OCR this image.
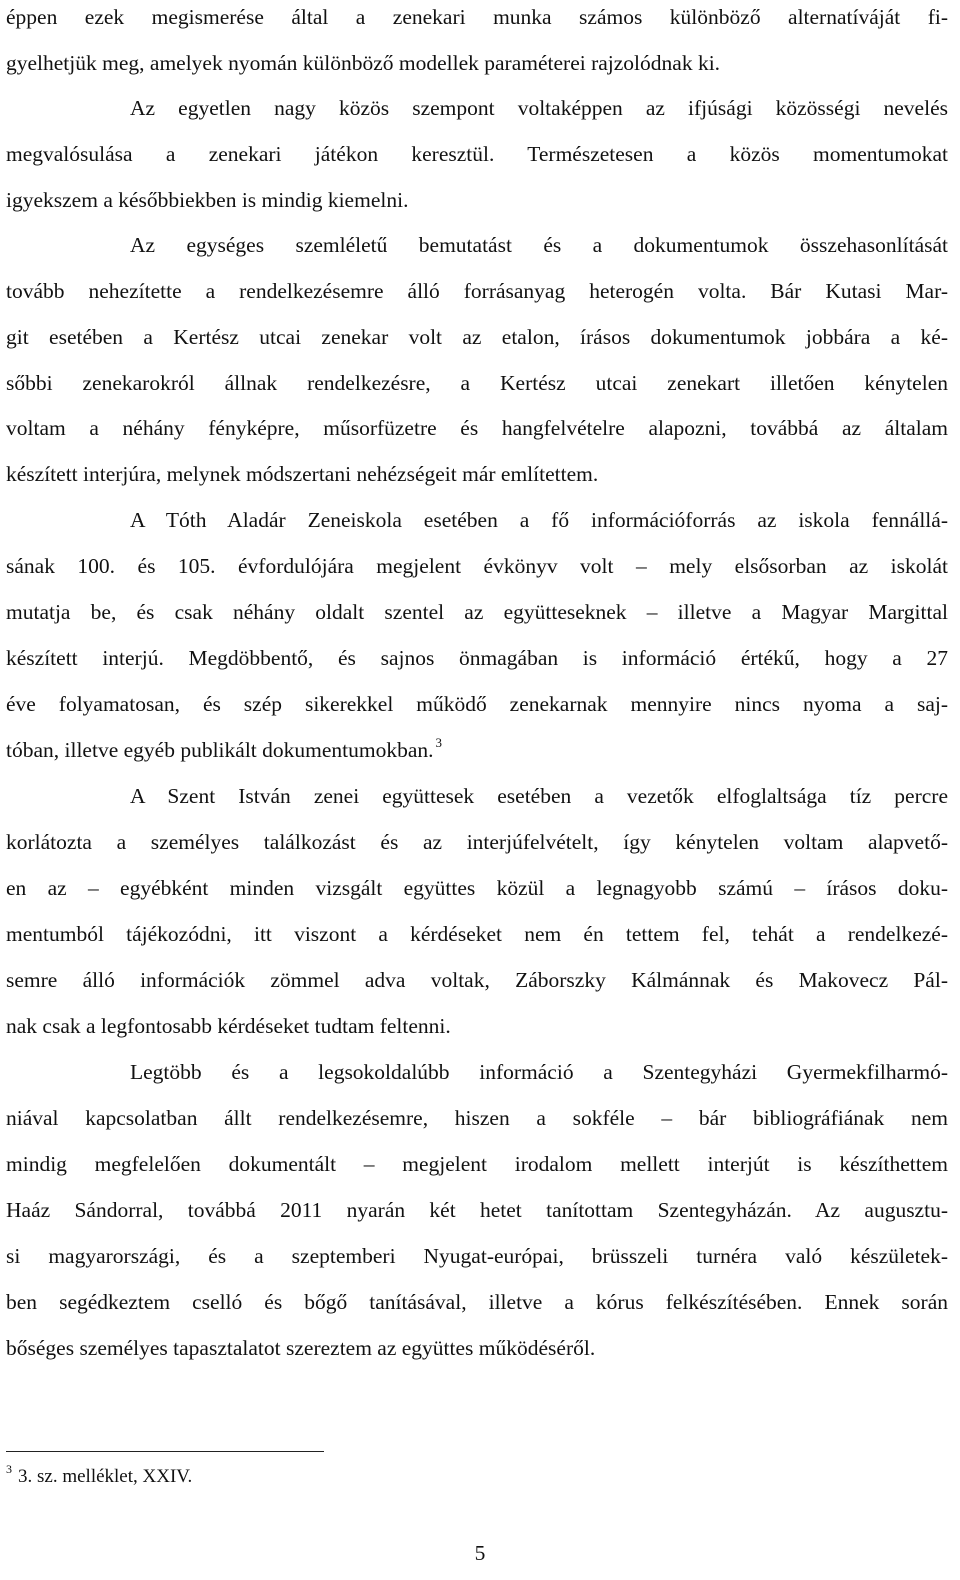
éppen ezek megismerése által a zenekari munka számos különböző alternatíváját fi-
gyelhetjük meg, amelyek nyomán különböző modellek paraméterei rajzolódnak ki.
Az egyetlen nagy közös szempont voltaképpen az ifjúsági közösségi nevelés
megvalósulása a zenekari játékon keresztül. Természetesen a közös momentumokat
igyekszem a későbbiekben is mindig kiemelni.
Az egységes szemléletű bemutatást és a dokumentumok összehasonlítását
tovább nehezítette a rendelkezésemre álló forrásanyag heterogén volta. Bár Kutasi Mar-
git esetében a Kertész utcai zenekar volt az etalon, írásos dokumentumok jobbára a ké-
sőbbi zenekarokról állnak rendelkezésre, a Kertész utcai zenekart illetően kénytelen
voltam a néhány fényképre, műsorfüzetre és hangfelvételre alapozni, továbbá az általam
készített interjúra, melynek módszertani nehézségeit már említettem.
A Tóth Aladár Zeneiskola esetében a fő információforrás az iskola fennállá-
sának 100. és 105. évfordulójára megjelent évkönyv volt – mely elsősorban az iskolát
mutatja be, és csak néhány oldalt szentel az együtteseknek – illetve a Magyar Margittal
készített interjú. Megdöbbentő, és sajnos önmagában is információ értékű, hogy a 27
éve folyamatosan, és szép sikerekkel működő zenekarnak mennyire nincs nyoma a saj-
tóban, illetve egyéb publikált dokumentumokban. $^3$
A Szent István zenei együttesek esetében a vezetők elfoglaltsága tíz percre
korlátozta a személyes találkozást és az interjúfelvételt, így kénytelen voltam alapvető-
en az – egyébként minden vizsgált együttes közül a legnagyobb számú – írásos doku-
mentumból tájékozódni, itt viszont a kérdéseket nem én tettem fel, tehát a rendelkezé-
semre álló információk zömmel adva voltak, Záborszky Kálmánnak és Makovecz Pál-
nak csak a legfontosabb kérdéseket tudtam feltenni.
Legtöbb és a legsokoldalúbb információ a Szentegyházi Gyermekfilharmó-
niával kapcsolatban állt rendelkezésemre, hiszen a sokféle – bár bibliográfiának nem
mindig megfelelően dokumentált – megjelent irodalom mellett interjút is készíthettem
Haáz Sándorral, továbbá 2011 nyarán két hetet tanítottam Szentegyházán. Az augusztu-
si magyarországi, és a szeptemberi Nyugat-európai, brüsszeli turnéra való készületek-
ben segédkeztem cselló és bőgő tanításával, illetve a kórus felkészítésében. Ennek során
bőséges személyes tapasztalatot szereztem az együttes működéséről.
$^3$ 3. sz. melléklet, XXIV.
5
